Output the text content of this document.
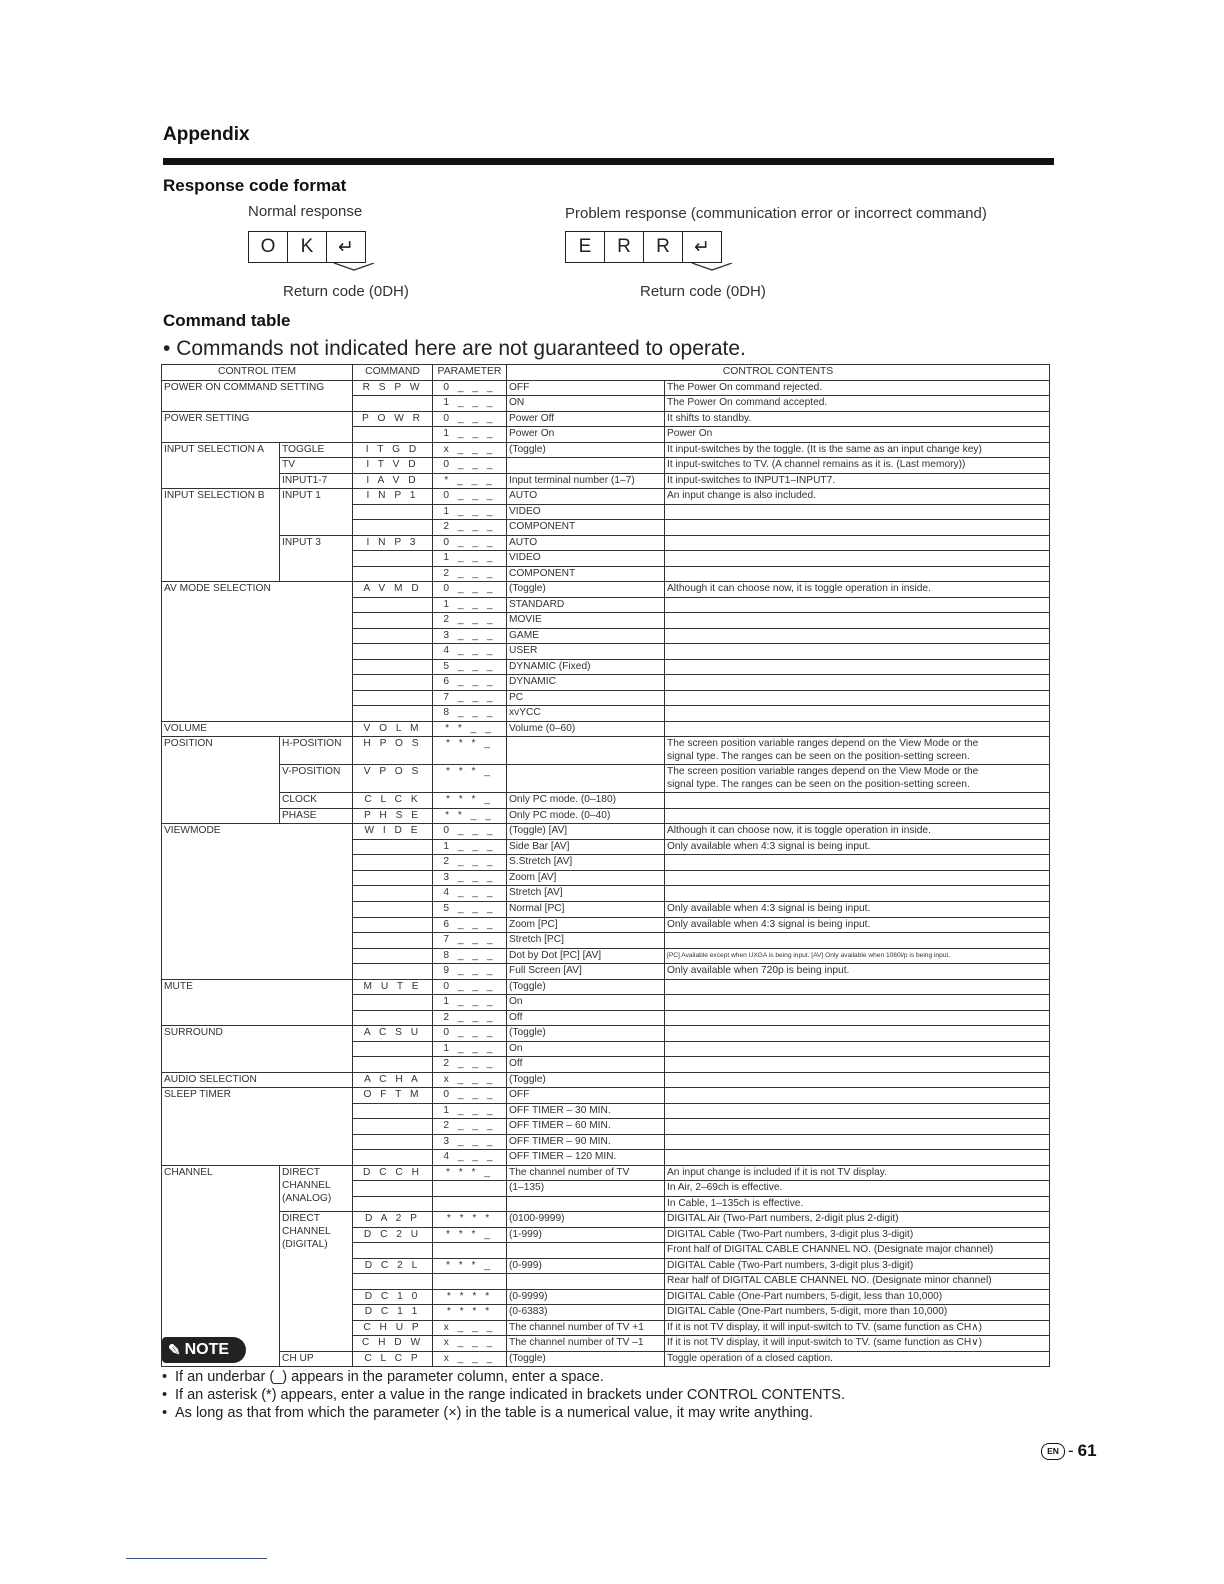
Appendix
Response code format
Normal response
O	K	↵
Return code (0DH)
Problem response (communication error or incorrect command)
E	R	R	↵
Return code (0DH)
Command table
• Commands not indicated here are not guaranteed to operate.
CONTROL ITEM		COMMAND	PARAMETER	CONTROL CONTENTS	
POWER ON COMMAND SETTING		R S P W	0 _ _ _	OFF	The Power On command rejected.
			1 _ _ _	ON	The Power On command accepted.
POWER SETTING		P O W R	0 _ _ _	Power Off	It shifts to standby.
			1 _ _ _	Power On	Power On
INPUT SELECTION A	TOGGLE	I T G D	x _ _ _	(Toggle)	It input-switches by the toggle. (It is the same as an input change key)
	TV	I T V D	0 _ _ _		It input-switches to TV. (A channel remains as it is. (Last memory))
	INPUT1-7	I A V D	* _ _ _	Input terminal number (1–7)	It input-switches to INPUT1–INPUT7.
INPUT SELECTION B	INPUT 1	I N P 1	0 _ _ _	AUTO	An input change is also included.
			1 _ _ _	VIDEO	
			2 _ _ _	COMPONENT	
	INPUT 3	I N P 3	0 _ _ _	AUTO	
			1 _ _ _	VIDEO	
			2 _ _ _	COMPONENT	
AV MODE SELECTION		A V M D	0 _ _ _	(Toggle)	Although it can choose now, it is toggle operation in inside.
			1 _ _ _	STANDARD	
			2 _ _ _	MOVIE	
			3 _ _ _	GAME	
			4 _ _ _	USER	
			5 _ _ _	DYNAMIC (Fixed)	
			6 _ _ _	DYNAMIC	
			7 _ _ _	PC	
			8 _ _ _	xvYCC	
VOLUME		V O L M	* * _ _	Volume (0–60)	
POSITION	H-POSITION	H P O S	* * * _		The screen position variable ranges depend on the View Mode or the
signal type. The ranges can be seen on the position-setting screen.

	V-POSITION	V P O S	* * * _		The screen position variable ranges depend on the View Mode or the
signal type. The ranges can be seen on the position-setting screen.

	CLOCK	C L C K	* * * _	Only PC mode. (0–180)	
	PHASE	P H S E	* * _ _	Only PC mode. (0–40)	
VIEWMODE		W I D E	0 _ _ _	(Toggle) [AV]	Although it can choose now, it is toggle operation in inside.
			1 _ _ _	Side Bar [AV]	Only available when 4:3 signal is being input.
			2 _ _ _	S.Stretch [AV]	
			3 _ _ _	Zoom [AV]	
			4 _ _ _	Stretch [AV]	
			5 _ _ _	Normal [PC]	Only available when 4:3 signal is being input.
			6 _ _ _	Zoom [PC]	Only available when 4:3 signal is being input.
			7 _ _ _	Stretch [PC]	
			8 _ _ _	Dot by Dot [PC] [AV]	[PC] Available except when UXGA is being input. [AV] Only available when 1080i/p is being input.
			9 _ _ _	Full Screen [AV]	Only available when 720p is being input.
MUTE		M U T E	0 _ _ _	(Toggle)	
			1 _ _ _	On	
			2 _ _ _	Off	
SURROUND		A C S U	0 _ _ _	(Toggle)	
			1 _ _ _	On	
			2 _ _ _	Off	
AUDIO SELECTION		A C H A	x _ _ _	(Toggle)	
SLEEP TIMER		O F T M	0 _ _ _	OFF	
			1 _ _ _	OFF TIMER – 30 MIN.	
			2 _ _ _	OFF TIMER – 60 MIN.	
			3 _ _ _	OFF TIMER – 90 MIN.	
			4 _ _ _	OFF TIMER – 120 MIN.	
CHANNEL	DIRECT
CHANNEL
(ANALOG)	D C C H	* * * _	The channel number of TV	An input change is included if it is not TV display.
				(1–135)	In Air, 2–69ch is effective.
					In Cable, 1–135ch is effective.

	DIRECT
CHANNEL
(DIGITAL)	D A 2 P	* * * *	(0100-9999)	DIGITAL Air (Two-Part numbers, 2-digit plus 2-digit)
		D C 2 U	* * * _	(1-999)	DIGITAL Cable (Two-Part numbers, 3-digit plus 3-digit)
					Front half of DIGITAL CABLE CHANNEL NO. (Designate major channel)
		D C 2 L	* * * _	(0-999)	DIGITAL Cable (Two-Part numbers, 3-digit plus 3-digit)
					Rear half of DIGITAL CABLE CHANNEL NO. (Designate minor channel)
		D C 1 0	* * * *	(0-9999)	DIGITAL Cable (One-Part numbers, 5-digit, less than 10,000)
		D C 1 1	* * * *	(0-6383)	DIGITAL Cable (One-Part numbers, 5-digit, more than 10,000)
		C H U P	x _ _ _	The channel number of TV +1	If it is not TV display, it will input-switch to TV. (same function as CH∧)
		C H D W	x _ _ _	The channel number of TV –1	If it is not TV display, it will input-switch to TV. (same function as CH∨)
	CH UP	C L C P	x _ _ _	(Toggle)	Toggle operation of a closed caption.
✎ NOTE
• If an underbar (_) appears in the parameter column, enter a space.
• If an asterisk (*) appears, enter a value in the range indicated in brackets under CONTROL CONTENTS.
• As long as that from which the parameter (×) in the table is a numerical value, it may write anything.
EN - 61
